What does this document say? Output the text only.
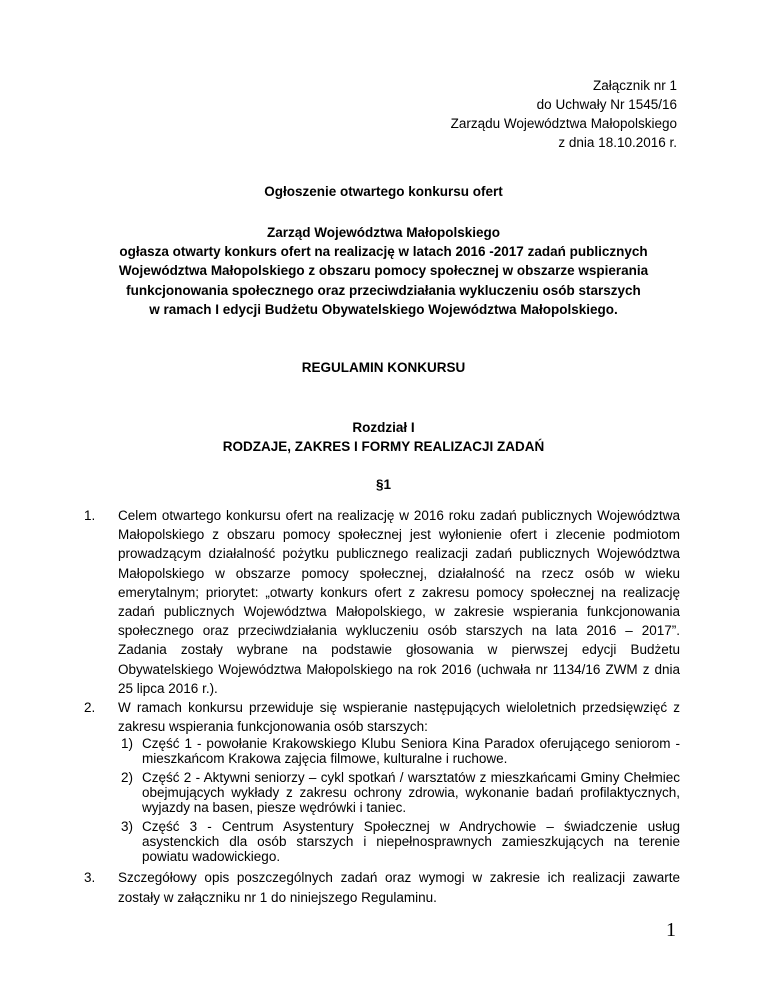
Załącznik nr 1
do Uchwały Nr 1545/16
Zarządu Województwa Małopolskiego
z dnia 18.10.2016 r.
Ogłoszenie otwartego konkursu ofert
Zarząd Województwa Małopolskiego
ogłasza otwarty konkurs ofert na realizację w latach 2016 -2017 zadań publicznych
Województwa Małopolskiego z obszaru pomocy społecznej w obszarze wspierania
funkcjonowania społecznego oraz przeciwdziałania wykluczeniu osób starszych
w ramach I edycji Budżetu Obywatelskiego Województwa Małopolskiego.
REGULAMIN KONKURSU
Rozdział I
RODZAJE, ZAKRES I FORMY REALIZACJI ZADAŃ
§1
1. Celem otwartego konkursu ofert na realizację w 2016 roku zadań publicznych Województwa Małopolskiego z obszaru pomocy społecznej jest wyłonienie ofert i zlecenie podmiotom prowadzącym działalność pożytku publicznego realizacji zadań publicznych Województwa Małopolskiego w obszarze pomocy społecznej, działalność na rzecz osób w wieku emerytalnym; priorytet: „otwarty konkurs ofert z zakresu pomocy społecznej na realizację zadań publicznych Województwa Małopolskiego, w zakresie wspierania funkcjonowania społecznego oraz przeciwdziałania wykluczeniu osób starszych na lata 2016 – 2017”. Zadania zostały wybrane na podstawie głosowania w pierwszej edycji Budżetu Obywatelskiego Województwa Małopolskiego na rok 2016 (uchwała nr 1134/16 ZWM z dnia 25 lipca 2016 r.).
2. W ramach konkursu przewiduje się wspieranie następujących wieloletnich przedsięwzięć z zakresu wspierania funkcjonowania osób starszych:
1) Część 1 - powołanie Krakowskiego Klubu Seniora Kina Paradox oferującego seniorom - mieszkańcom Krakowa zajęcia filmowe, kulturalne i ruchowe.
2) Część 2 - Aktywni seniorzy – cykl spotkań / warsztatów z mieszkańcami Gminy Chełmiec obejmujących wykłady z zakresu ochrony zdrowia, wykonanie badań profilaktycznych, wyjazdy na basen, piesze wędrówki i taniec.
3) Część 3 - Centrum Asystentury Społecznej w Andrychowie – świadczenie usług asystenckich dla osób starszych i niepełnosprawnych zamieszkujących na terenie powiatu wadowickiego.
3. Szczegółowy opis poszczególnych zadań oraz wymogi w zakresie ich realizacji zawarte zostały w załączniku nr 1 do niniejszego Regulaminu.
1
